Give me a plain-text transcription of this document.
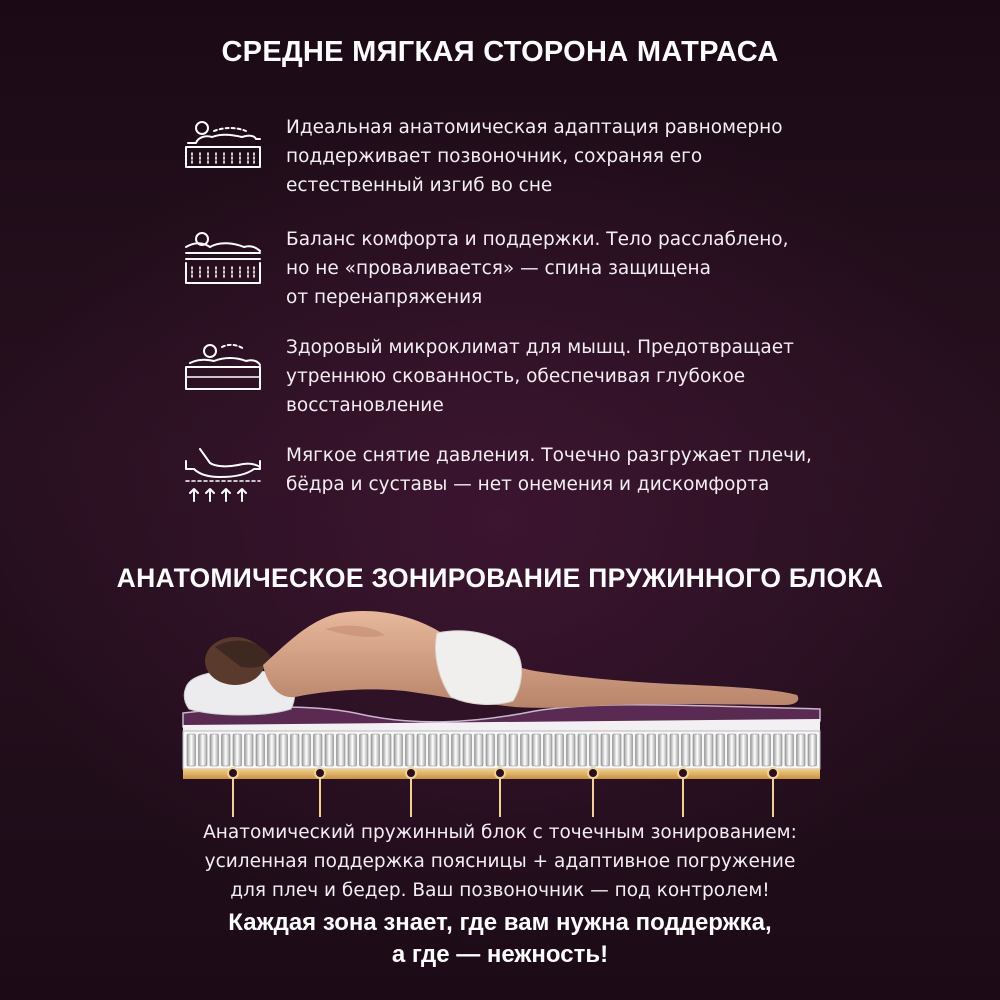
СРЕДНЕ МЯГКАЯ СТОРОНА МАТРАСА
Идеальная анатомическая адаптация равномерно
поддерживает позвоночник, сохраняя его
естественный изгиб во сне
Баланс комфорта и поддержки. Тело расслаблено,
но не «проваливается» — спина защищена
от перенапряжения
Здоровый микроклимат для мышц. Предотвращает
утреннюю скованность, обеспечивая глубокое
восстановление
Мягкое снятие давления. Точечно разгружает плечи,
бёдра и суставы — нет онемения и дискомфорта
АНАТОМИЧЕСКОЕ ЗОНИРОВАНИЕ ПРУЖИННОГО БЛОКА
Анатомический пружинный блок с точечным зонированием:
усиленная поддержка поясницы + адаптивное погружение
для плеч и бедер. Ваш позвоночник — под контролем!
Каждая зона знает, где вам нужна поддержка,
а где — нежность!
